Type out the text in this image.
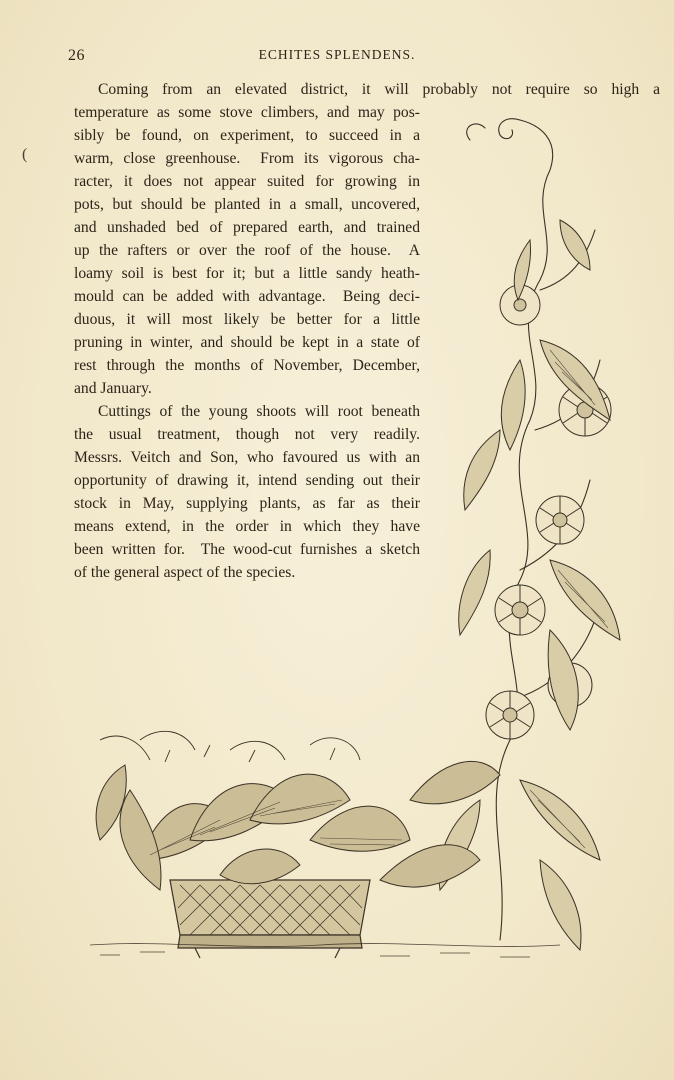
26	ECHITES SPLENDENS.
(
Coming from an elevated district, it will probably not require so high a
temperature as some stove climbers, and may pos-
sibly be found, on experiment, to succeed in a
warm, close greenhouse.  From its vigorous cha-
racter, it does not appear suited for growing in
pots, but should be planted in a small, uncovered,
and unshaded bed of prepared earth, and trained
up the rafters or over the roof of the house.  A
loamy soil is best for it; but a little sandy heath-
mould can be added with advantage.  Being deci-
duous, it will most likely be better for a little
pruning in winter, and should be kept in a state of
rest through the months of November, December,
and January.
Cuttings of the young shoots will root beneath
the usual treatment, though not very readily.
Messrs. Veitch and Son, who favoured us with an
opportunity of drawing it, intend sending out their
stock in May, supplying plants, as far as their
means extend, in the order in which they have
been written for.  The wood-cut furnishes a sketch
of the general aspect of the species.
